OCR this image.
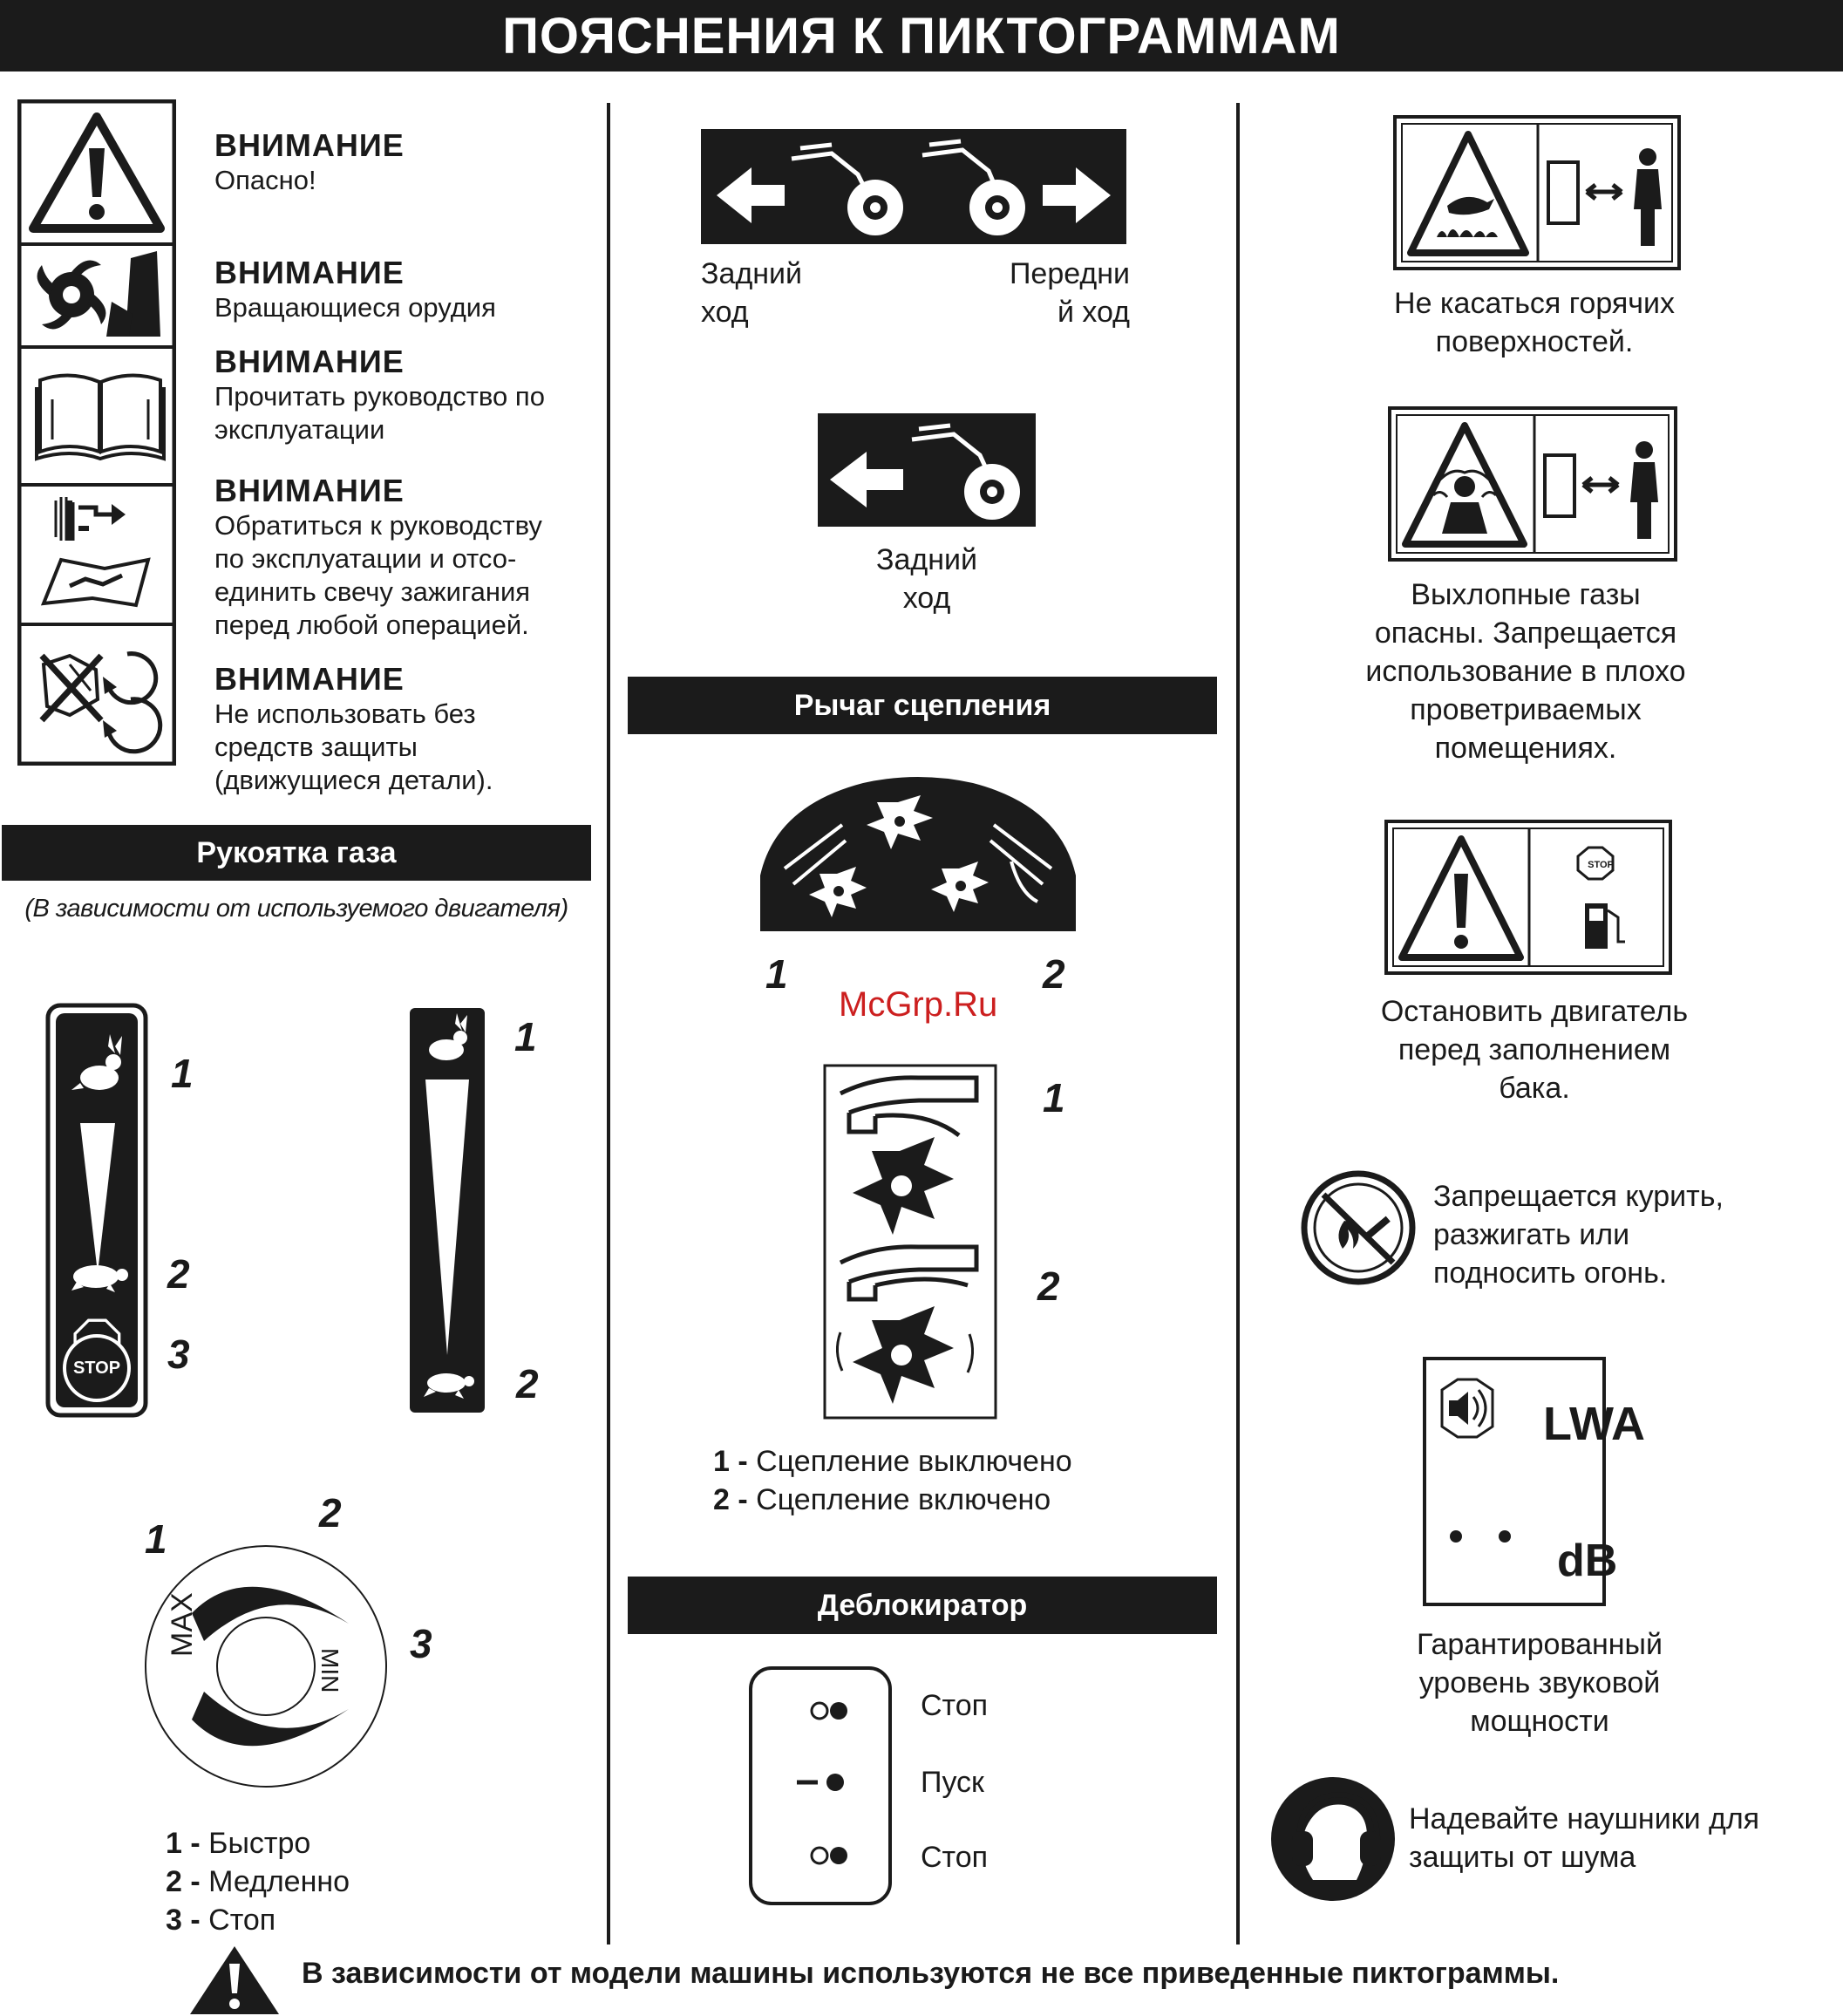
ПОЯСНЕНИЯ К ПИКТОГРАММАМ
ВНИМАНИЕ
Опасно!
ВНИМАНИЕ
Вращающиеся орудия
ВНИМАНИЕ
Прочитать руководство по
эксплуатации
ВНИМАНИЕ
Обратиться к руководству
по эксплуатации и отсо-
единить свечу зажигания
перед любой операцией.
ВНИМАНИЕ
Не использовать без
средств защиты
(движущиеся детали).
Рукоятка газа
(В зависимости от используемого двигателя)
STOP
1
2
3
1
2
MAX
MIN
1
2
3
1 - Быстро
2 - Медленно
3 - Стоп
Задний
ход
Передни
й ход
Задний
ход
Рычаг сцепления
1	2
1
2
1 - Сцепление выключено
2 - Сцепление включено
Деблокиратор
Стоп
Пуск
Стоп
Не касаться горячих
поверхностей.
Выхлопные газы
опасны. Запрещается
использование в плохо
проветриваемых
помещениях.
STOP
Остановить двигатель
перед заполнением
бака.
Запрещается курить,
разжигать или
подносить огонь.
LWA
dB
Гарантированный
уровень звуковой
мощности
Надевайте наушники для
защиты от шума
McGrp.Ru
В зависимости от модели машины используются не все приведенные пиктограммы.
